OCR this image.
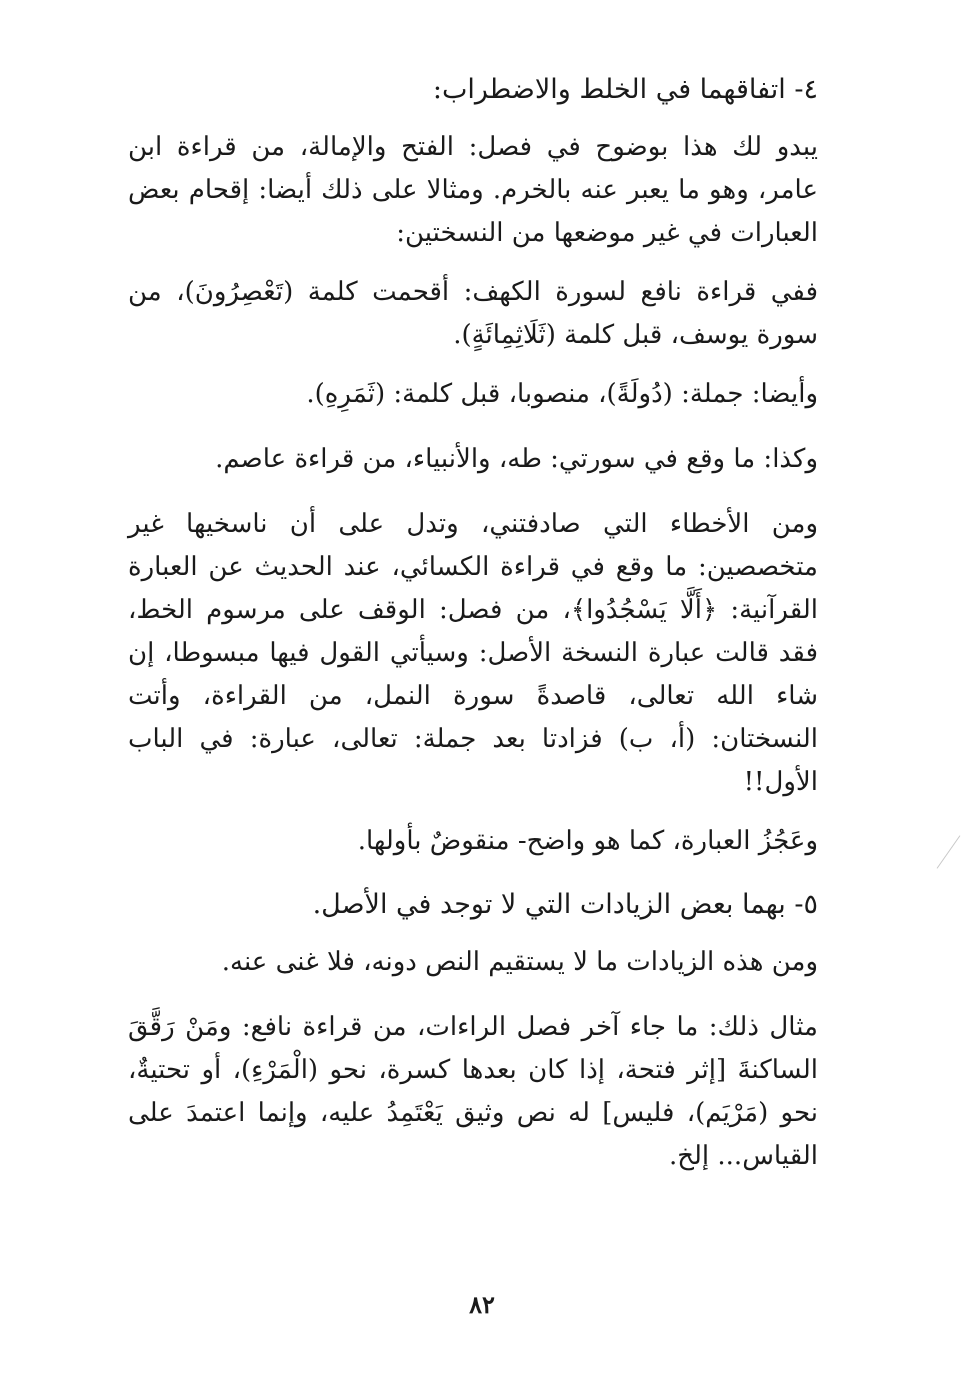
٤- اتفاقهما في الخلط والاضطراب:
يبدو لك هذا بوضوح في فصل: الفتح والإمالة، من قراءة ابن عامر، وهو ما يعبر عنه بالخرم. ومثالا على ذلك أيضا: إقحام بعض العبارات في غير موضعها من النسختين:
ففي قراءة نافع لسورة الكهف: أقحمت كلمة (تَعْصِرُونَ)، من سورة يوسف، قبل كلمة (ثَلَاثِمِائَةٍ).
وأيضا: جملة: (دُولَةً)، منصوبا، قبل كلمة: (ثَمَرِهِ).
وكذا: ما وقع في سورتي: طه، والأنبياء، من قراءة عاصم.
ومن الأخطاء التي صادفتني، وتدل على أن ناسخيها غير متخصصين: ما وقع في قراءة الكسائي، عند الحديث عن العبارة القرآنية: ﴿أَلَّا يَسْجُدُوا﴾، من فصل: الوقف على مرسوم الخط، فقد قالت عبارة النسخة الأصل: وسيأتي القول فيها مبسوطا، إن شاء الله تعالى، قاصدةً سورة النمل، من القراءة، وأتت النسختان: (أ، ب) فزادتا بعد جملة: تعالى، عبارة: في الباب الأول!!
وعَجُزُ العبارة، كما هو واضح- منقوضٌ بأولها.
٥- بهما بعض الزيادات التي لا توجد في الأصل.
ومن هذه الزيادات ما لا يستقيم النص دونه، فلا غنى عنه.
مثال ذلك: ما جاء آخر فصل الراءات، من قراءة نافع: ومَنْ رَقَّقَ الساكنةَ [إثر فتحة، إذا كان بعدها كسرة، نحو (الْمَرْءِ)، أو تحتيةٌ، نحو (مَرْيَم)، فليس] له نص وثيق يَعْتَمِدُ عليه، وإنما اعتمدَ على القياس... إلخ.
٨٢
